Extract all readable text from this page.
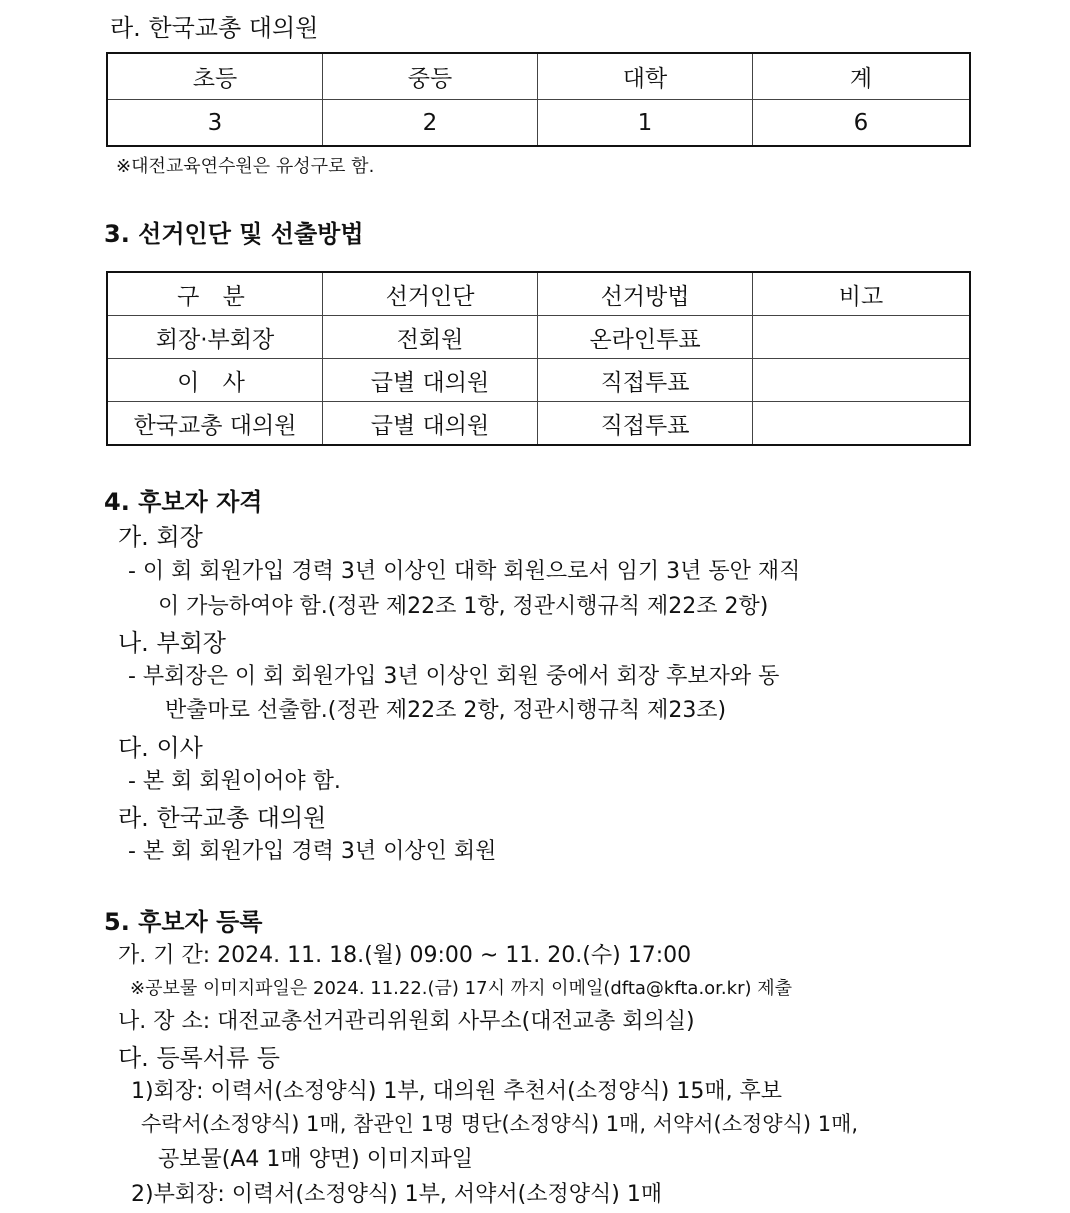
라. 한국교총 대의원
초등	중등	대학	계
3	2	1	6
※대전교육연수원은 유성구로 함.
3. 선거인단 및 선출방법
구 분	선거인단	선거방법	비고
회장·부회장	전회원	온라인투표	
이 사	급별 대의원	직접투표	
한국교총 대의원	급별 대의원	직접투표	
4. 후보자 자격
가. 회장
- 이 회 회원가입 경력 3년 이상인 대학 회원으로서 임기 3년 동안 재직
이 가능하여야 함.(정관 제22조 1항, 정관시행규칙 제22조 2항)
나. 부회장
- 부회장은 이 회 회원가입 3년 이상인 회원 중에서 회장 후보자와 동
반출마로 선출함.(정관 제22조 2항, 정관시행규칙 제23조)
다. 이사
- 본 회 회원이어야 함.
라. 한국교총 대의원
- 본 회 회원가입 경력 3년 이상인 회원
5. 후보자 등록
가. 기 간: 2024. 11. 18.(월) 09:00 ~ 11. 20.(수) 17:00
※공보물 이미지파일은 2024. 11.22.(금) 17시 까지 이메일(dfta@kfta.or.kr) 제출
나. 장 소: 대전교총선거관리위원회 사무소(대전교총 회의실)
다. 등록서류 등
1)회장: 이력서(소정양식) 1부, 대의원 추천서(소정양식) 15매, 후보
수락서(소정양식) 1매, 참관인 1명 명단(소정양식) 1매, 서약서(소정양식) 1매,
공보물(A4 1매 양면) 이미지파일
2)부회장: 이력서(소정양식) 1부, 서약서(소정양식) 1매
